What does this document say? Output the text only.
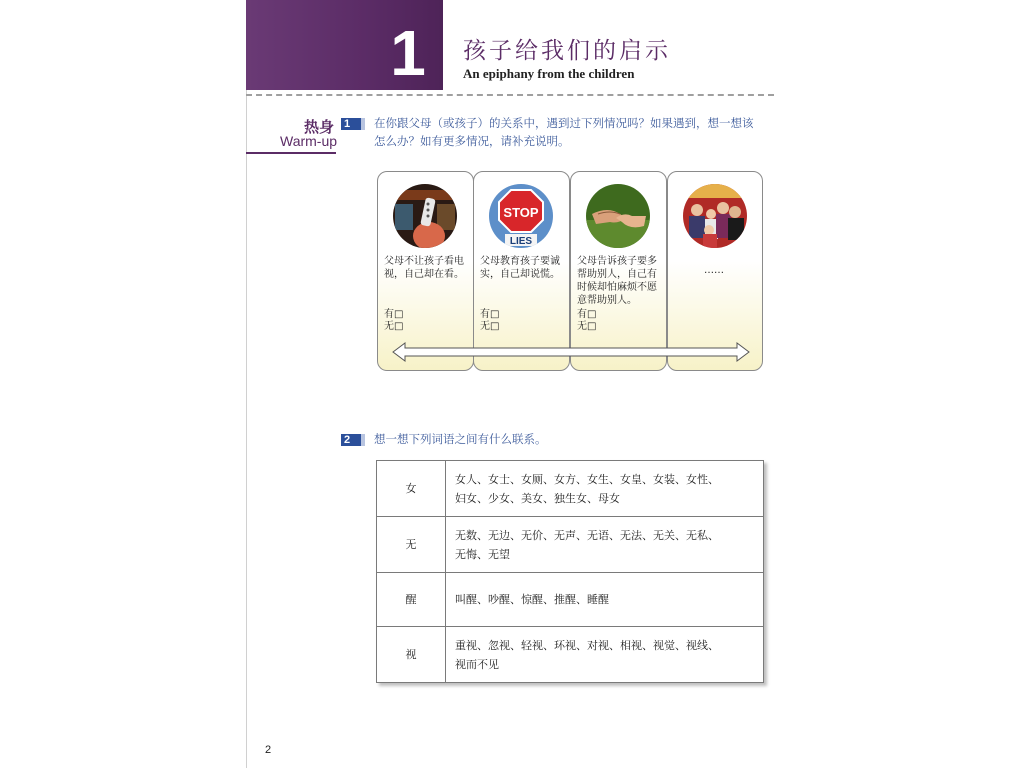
1	孩子给我们的启示
An epiphany from the children
热身
Warm-up
1	在你跟父母（或孩子）的关系中，遇到过下列情况吗？如果遇到，想一想该
怎么办？如有更多情况，请补充说明。
父母不让孩子看电视，自己却在看。
有□
无□
STOP
LIES
父母教育孩子要诚实，自己却说慌。
有□
无□
父母告诉孩子要多帮助别人，自己有时候却怕麻烦不愿意帮助别人。
有□
无□
……
2	想一想下列词语之间有什么联系。
女	女人、女士、女厕、女方、女生、女皇、女装、女性、
妇女、少女、美女、独生女、母女

无	无数、无边、无价、无声、无语、无法、无关、无私、
无悔、无望

醒	叫醒、吵醒、惊醒、推醒、睡醒

视	重视、忽视、轻视、环视、对视、相视、视觉、视线、
视而不见
2
